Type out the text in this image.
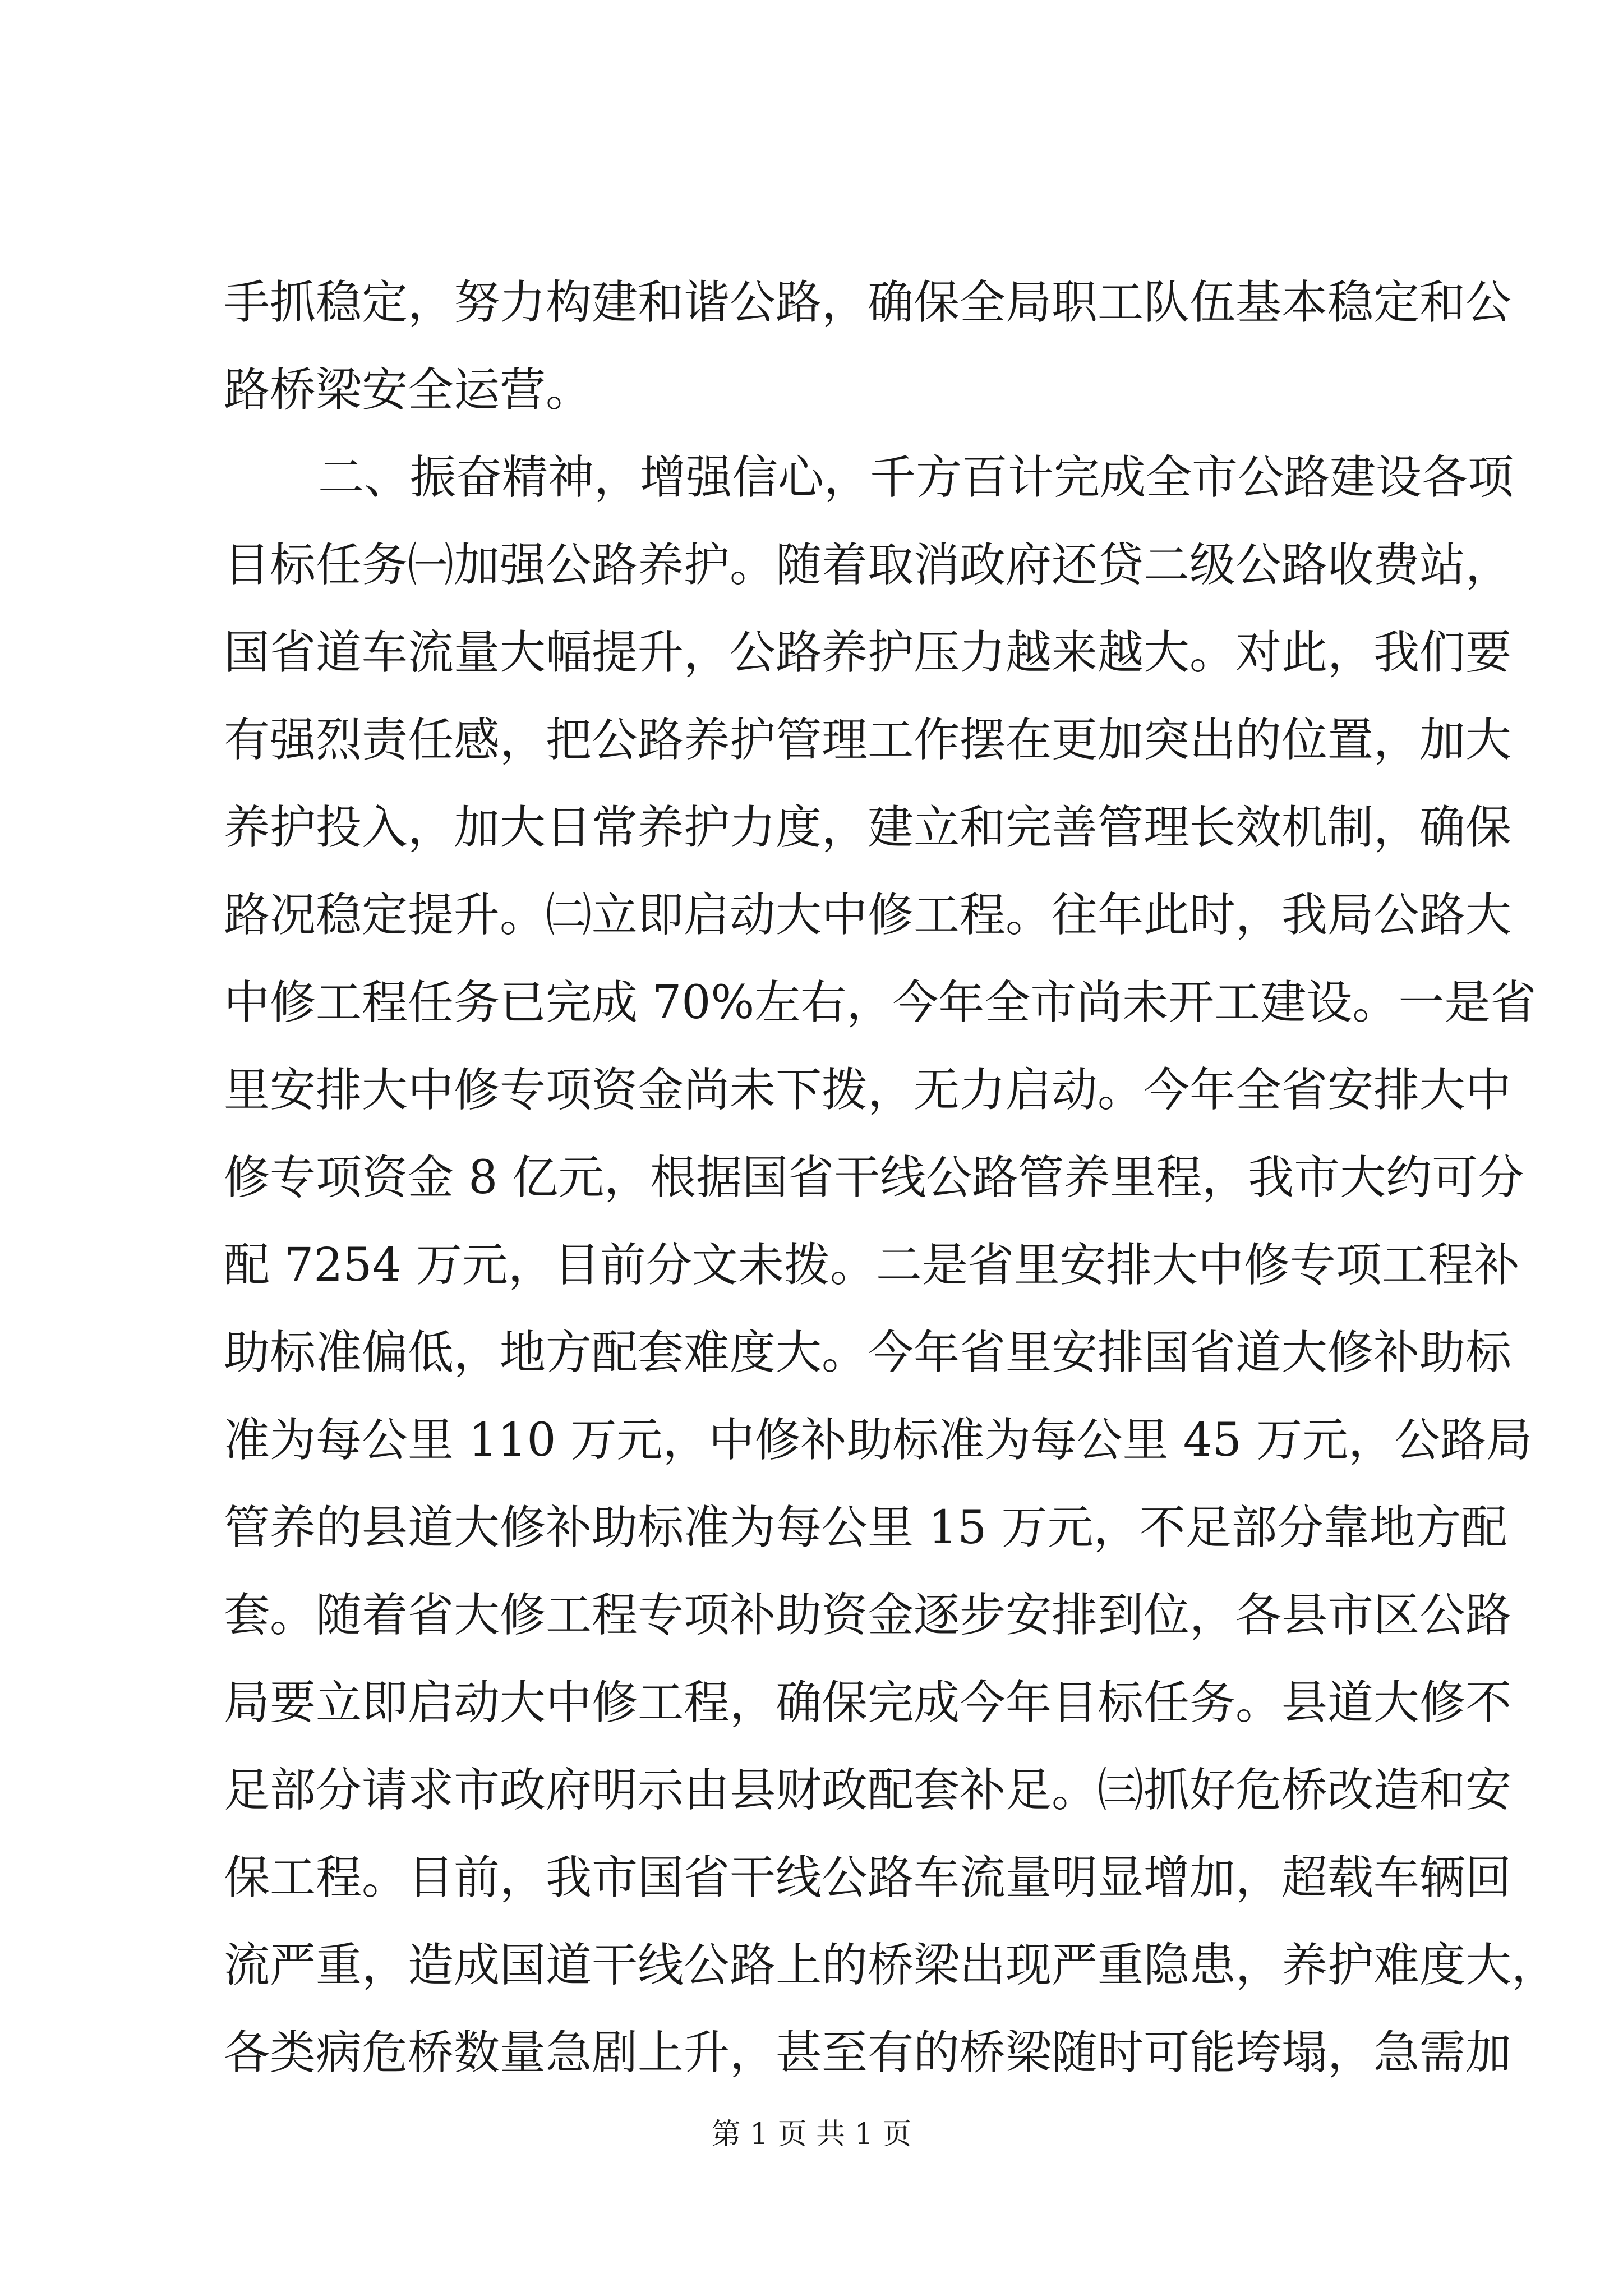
手抓稳定，努力构建和谐公路，确保全局职工队伍基本稳定和公
路桥梁安全运营。
二、振奋精神，增强信心，千方百计完成全市公路建设各项
目标任务㈠加强公路养护。随着取消政府还贷二级公路收费站，
国省道车流量大幅提升，公路养护压力越来越大。对此，我们要
有强烈责任感，把公路养护管理工作摆在更加突出的位置，加大
养护投入，加大日常养护力度，建立和完善管理长效机制，确保
路况稳定提升。㈡立即启动大中修工程。往年此时，我局公路大
中修工程任务已完成 70%左右，今年全市尚未开工建设。一是省
里安排大中修专项资金尚未下拨，无力启动。今年全省安排大中
修专项资金 8 亿元，根据国省干线公路管养里程，我市大约可分
配 7254 万元，目前分文未拨。二是省里安排大中修专项工程补
助标准偏低，地方配套难度大。今年省里安排国省道大修补助标
准为每公里 110 万元，中修补助标准为每公里 45 万元，公路局
管养的县道大修补助标准为每公里 15 万元，不足部分靠地方配
套。随着省大修工程专项补助资金逐步安排到位，各县市区公路
局要立即启动大中修工程，确保完成今年目标任务。县道大修不
足部分请求市政府明示由县财政配套补足。㈢抓好危桥改造和安
保工程。目前，我市国省干线公路车流量明显增加，超载车辆回
流严重，造成国道干线公路上的桥梁出现严重隐患，养护难度大，
各类病危桥数量急剧上升，甚至有的桥梁随时可能垮塌，急需加
第 1 页 共 1 页
